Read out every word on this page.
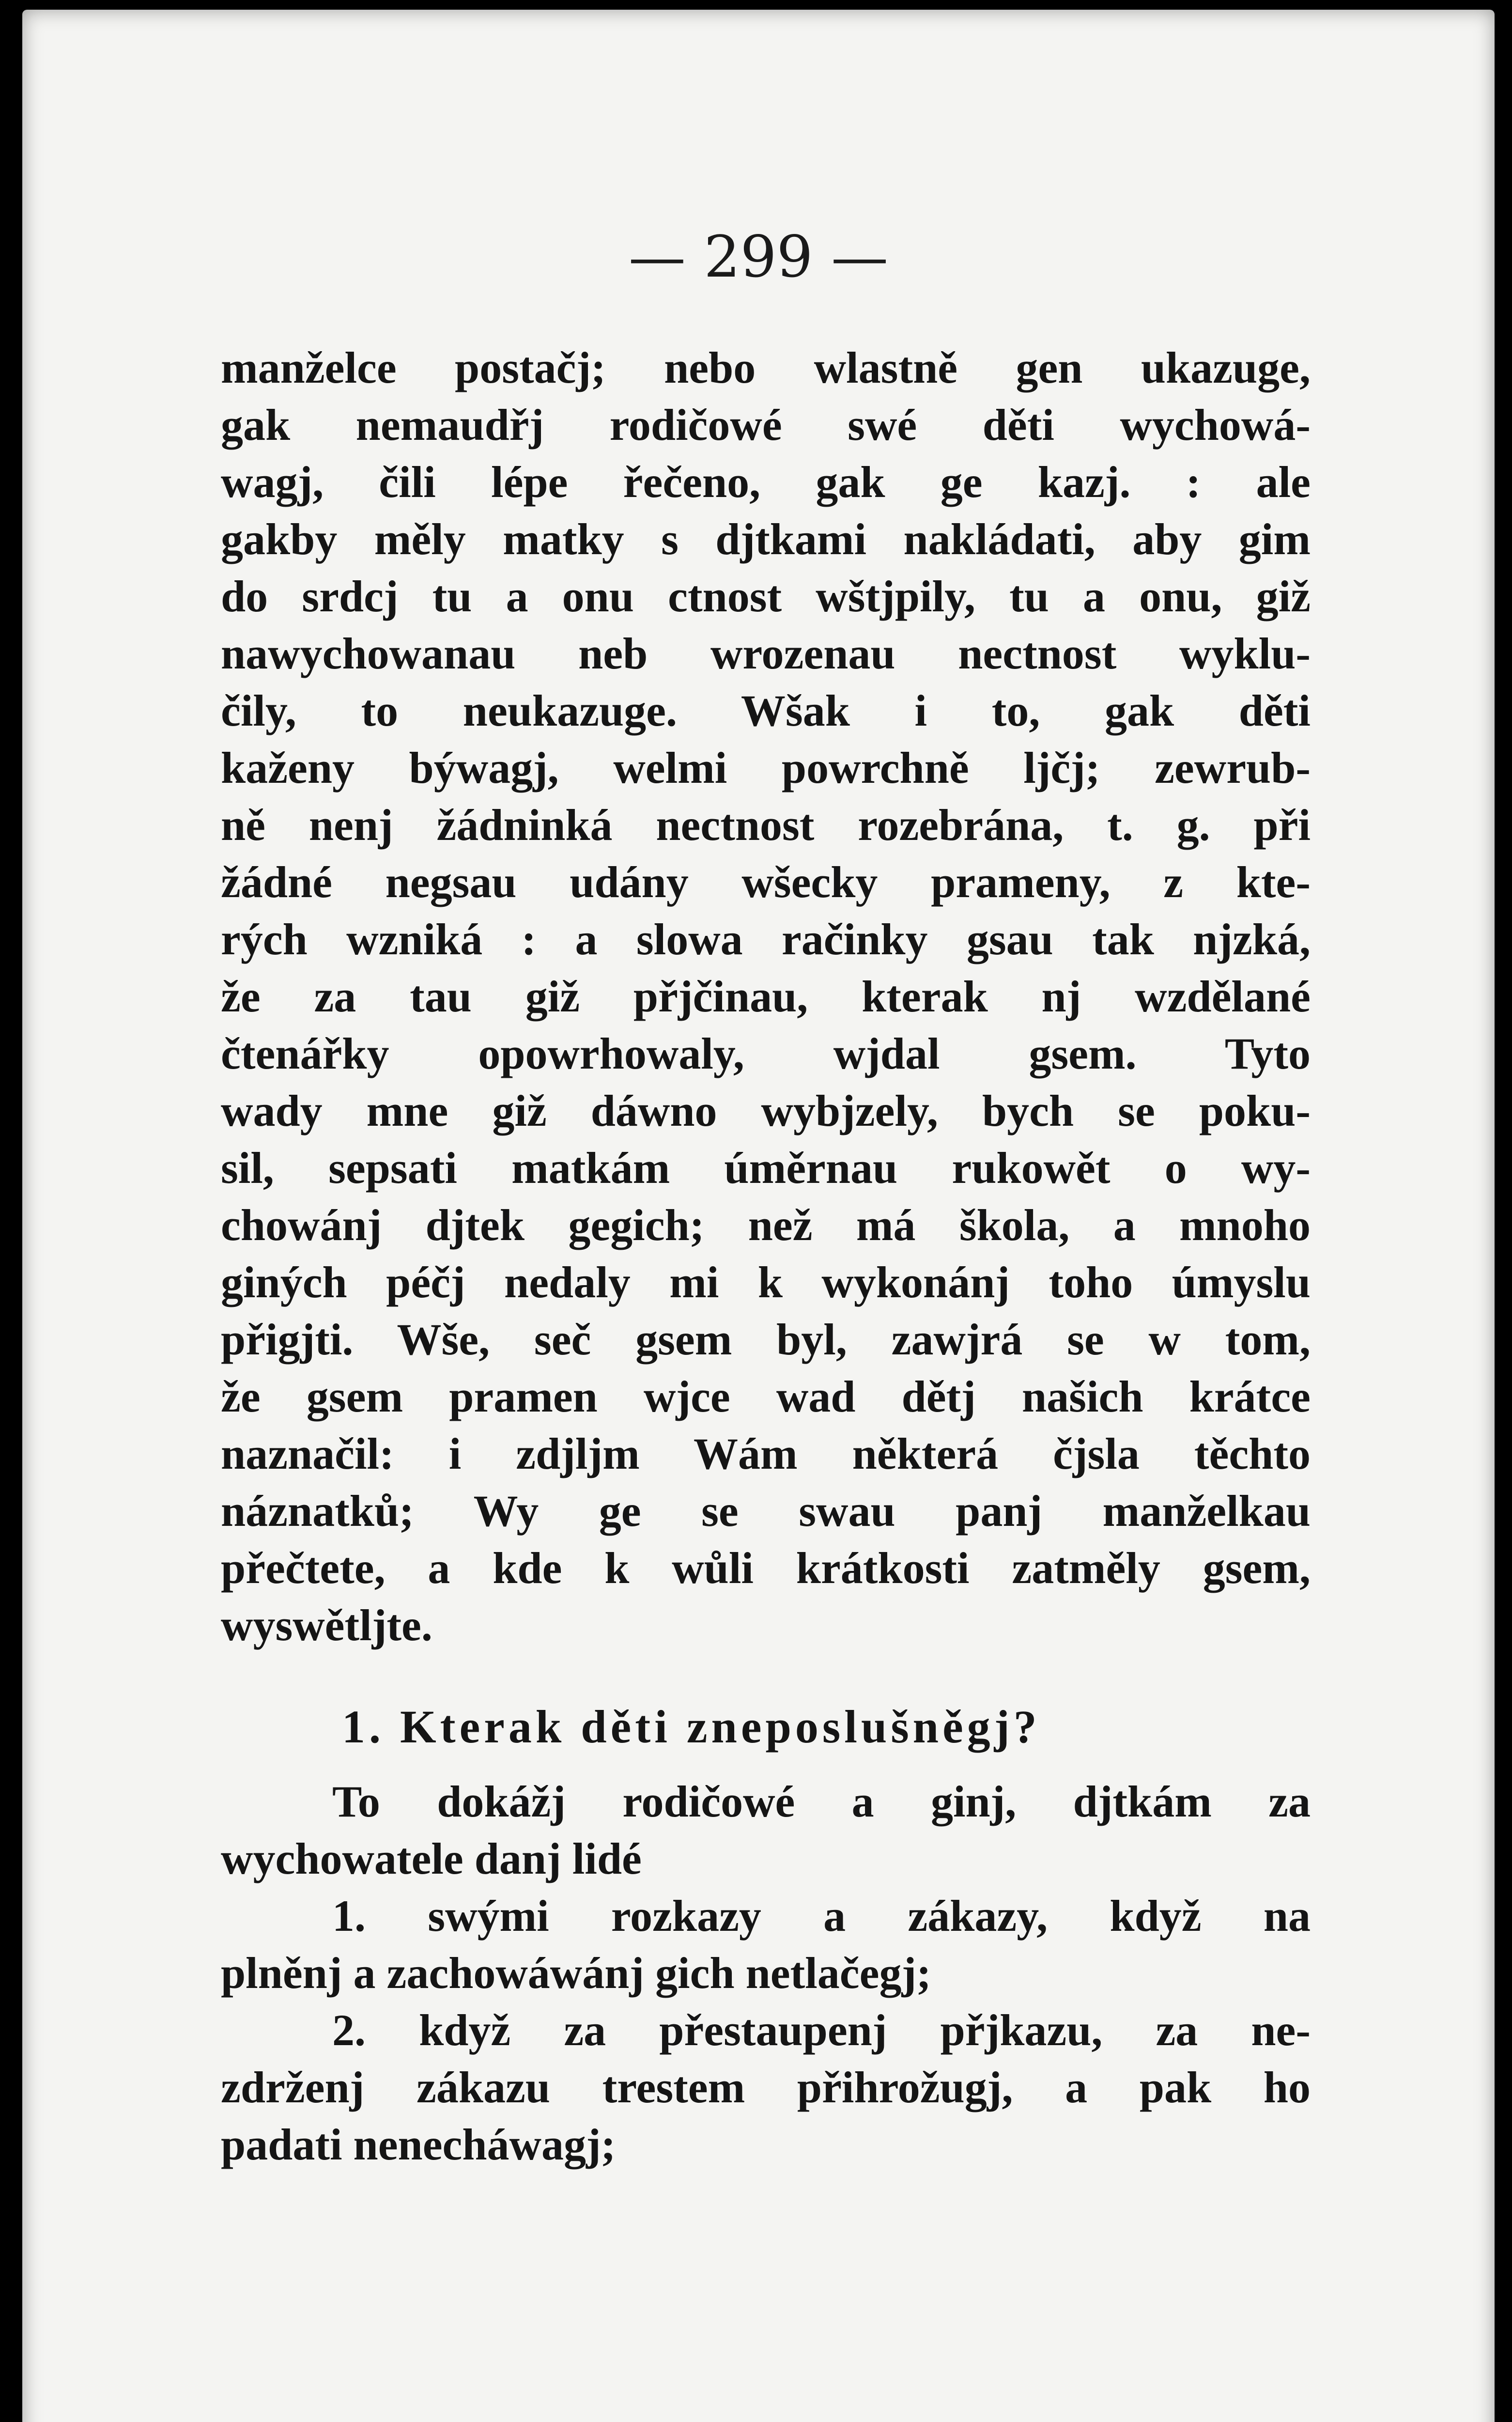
— 299 —
manželce postačj; nebo wlastně gen ukazuge,
gak nemaudřj rodičowé swé děti wychowá-
wagj, čili lépe řečeno, gak ge kazj. : ale
gakby měly matky s djtkami nakládati, aby gim
do srdcj tu a onu ctnost wštjpily, tu a onu, giž
nawychowanau neb wrozenau nectnost wyklu-
čily, to neukazuge. Wšak i to, gak děti
kaženy býwagj, welmi powrchně ljčj; zewrub-
ně nenj žádninká nectnost rozebrána, t. g. při
žádné negsau udány wšecky prameny, z kte-
rých wzniká : a slowa račinky gsau tak njzká,
že za tau giž přjčinau, kterak nj wzdělané
čtenářky opowrhowaly, wjdal gsem. Tyto
wady mne giž dáwno wybjzely, bych se poku-
sil, sepsati matkám úměrnau rukowět o wy-
chowánj djtek gegich; než má škola, a mnoho
giných péčj nedaly mi k wykonánj toho úmyslu
přigjti. Wše, seč gsem byl, zawjrá se w tom,
že gsem pramen wjce wad dětj našich krátce
naznačil: i zdjljm Wám některá čjsla těchto
náznatků; Wy ge se swau panj manželkau
přečtete, a kde k wůli krátkosti zatměly gsem,
wyswětljte.
1. Kterak děti zneposlušněgj?
To dokážj rodičowé a ginj, djtkám za
wychowatele danj lidé
1. swými rozkazy a zákazy, když na
plněnj a zachowáwánj gich netlačegj;
2. když za přestaupenj přjkazu, za ne-
zdrženj zákazu trestem přihrožugj, a pak ho
padati nenecháwagj;
